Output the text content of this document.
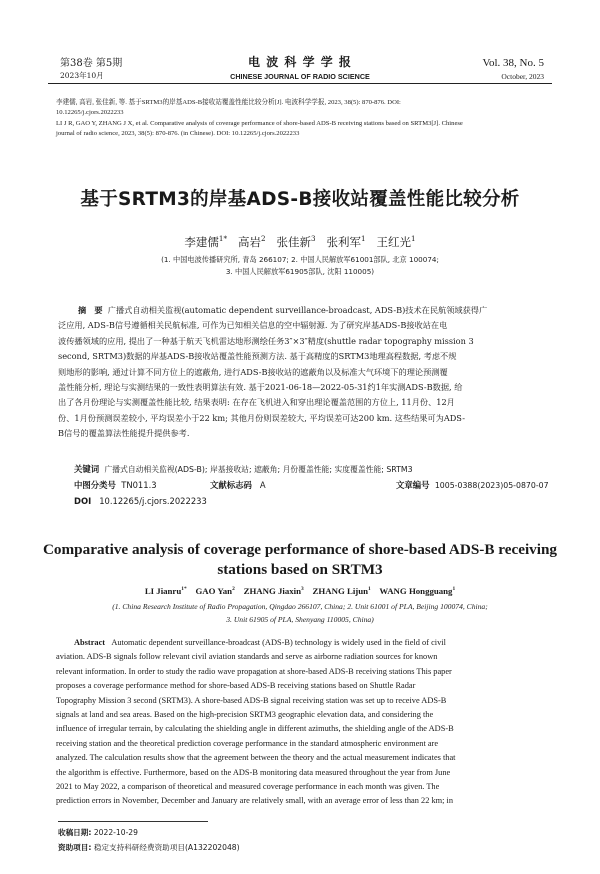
第38卷 第5期
2023年10月
电 波 科 学 学 报
CHINESE JOURNAL OF RADIO SCIENCE
Vol. 38, No. 5
October, 2023
李建儒, 高岩, 张佳新, 等. 基于SRTM3的岸基ADS-B接收站覆盖性能比较分析[J]. 电波科学学报, 2023, 38(5): 870-876. DOI:
10.12265/j.cjors.2022233
LI J R, GAO Y, ZHANG J X, et al. Comparative analysis of coverage performance of shore-based ADS-B receiving stations based on SRTM3[J]. Chinese
journal of radio science, 2023, 38(5): 870-876. (in Chinese). DOI: 10.12265/j.cjors.2022233
基于SRTM3的岸基ADS-B接收站覆盖性能比较分析
李建儒$^{1*}$ 高岩$^2$ 张佳新$^3$ 张利军$^1$ 王红光$^1$
(1. 中国电波传播研究所, 青岛 266107; 2. 中国人民解放军61001部队, 北京 100074;
3. 中国人民解放军61905部队, 沈阳 110005)
摘　要 广播式自动相关监视(automatic dependent surveillance-broadcast, ADS-B)技术在民航领域获得广
泛应用, ADS-B信号遵循相关民航标准, 可作为已知相关信息的空中辐射源. 为了研究岸基ADS-B接收站在电
波传播领域的应用, 提出了一种基于航天飞机雷达地形测绘任务3″×3″精度(shuttle radar topography mission 3
second, SRTM3)数据的岸基ADS-B接收站覆盖性能预测方法. 基于高精度的SRTM3地理高程数据, 考虑不规
则地形的影响, 通过计算不同方位上的遮蔽角, 进行ADS-B接收站的遮蔽角以及标准大气环境下的理论预测覆
盖性能分析, 理论与实测结果的一致性表明算法有效. 基于2021-06-18—2022-05-31约1年实测ADS-B数据, 给
出了各月份理论与实测覆盖性能比较, 结果表明: 在存在飞机进入和穿出理论覆盖范围的方位上, 11月份、12月
份、1月份预测误差较小, 平均误差小于22 km; 其他月份则误差较大, 平均误差可达200 km. 这些结果可为ADS-
B信号的覆盖算法性能提升提供参考.
关键词 广播式自动相关监视(ADS-B); 岸基接收站; 遮蔽角; 月份覆盖性能; 实度覆盖性能; SRTM3
中图分类号 TN011.3	文献标志码 A	文章编号 1005-0388(2023)05-0870-07
DOI 10.12265/j.cjors.2022233
Comparative analysis of coverage performance of shore-based ADS-B receiving
stations based on SRTM3
LI Jianru$^{1*}$ GAO Yan$^2$ ZHANG Jiaxin$^3$ ZHANG Lijun$^1$ WANG Hongguang$^1$
(1. China Research Institute of Radio Propagation, Qingdao 266107, China; 2. Unit 61001 of PLA, Beijing 100074, China;
3. Unit 61905 of PLA, Shenyang 110005, China)
Abstract Automatic dependent surveillance-broadcast (ADS-B) technology is widely used in the field of civil
aviation. ADS-B signals follow relevant civil aviation standards and serve as airborne radiation sources for known
relevant information. In order to study the radio wave propagation at shore-based ADS-B receiving stations This paper
proposes a coverage performance method for shore-based ADS-B receiving stations based on Shuttle Radar
Topography Mission 3 second (SRTM3). A shore-based ADS-B signal receiving station was set up to receive ADS-B
signals at land and sea areas. Based on the high-precision SRTM3 geographic elevation data, and considering the
influence of irregular terrain, by calculating the shielding angle in different azimuths, the shielding angle of the ADS-B
receiving station and the theoretical prediction coverage performance in the standard atmospheric environment are
analyzed. The calculation results show that the agreement between the theory and the actual measurement indicates that
the algorithm is effective. Furthermore, based on the ADS-B monitoring data measured throughout the year from June
2021 to May 2022, a comparison of theoretical and measured coverage performance in each month was given. The
prediction errors in November, December and January are relatively small, with an average error of less than 22 km; in
收稿日期: 2022-10-29
资助项目: 稳定支持科研经费资助项目(A132202048)
